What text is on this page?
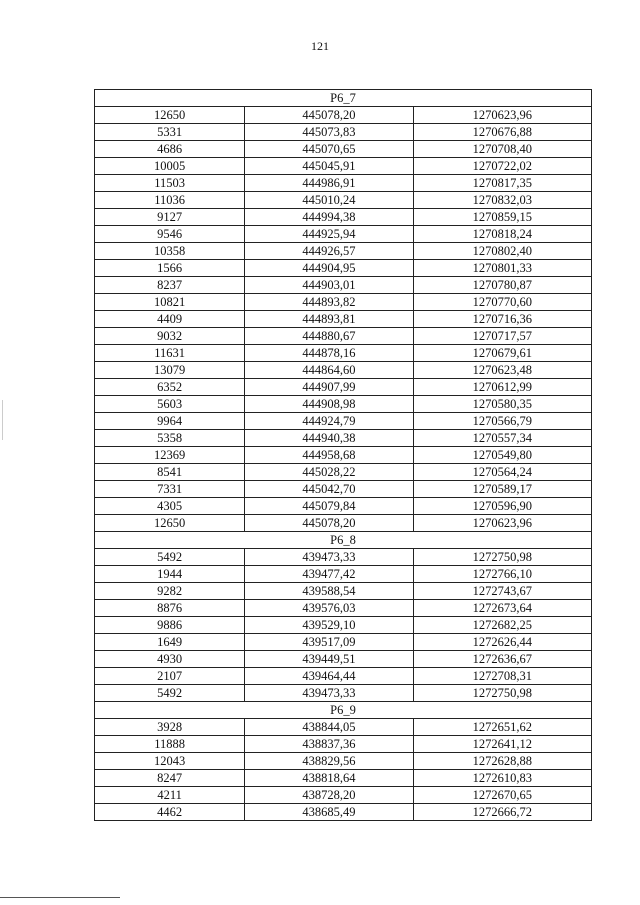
121
Р6_7		
12650	445078,20	1270623,96
5331	445073,83	1270676,88
4686	445070,65	1270708,40
10005	445045,91	1270722,02
11503	444986,91	1270817,35
11036	445010,24	1270832,03
9127	444994,38	1270859,15
9546	444925,94	1270818,24
10358	444926,57	1270802,40
1566	444904,95	1270801,33
8237	444903,01	1270780,87
10821	444893,82	1270770,60
4409	444893,81	1270716,36
9032	444880,67	1270717,57
11631	444878,16	1270679,61
13079	444864,60	1270623,48
6352	444907,99	1270612,99
5603	444908,98	1270580,35
9964	444924,79	1270566,79
5358	444940,38	1270557,34
12369	444958,68	1270549,80
8541	445028,22	1270564,24
7331	445042,70	1270589,17
4305	445079,84	1270596,90
12650	445078,20	1270623,96
Р6_8		
5492	439473,33	1272750,98
1944	439477,42	1272766,10
9282	439588,54	1272743,67
8876	439576,03	1272673,64
9886	439529,10	1272682,25
1649	439517,09	1272626,44
4930	439449,51	1272636,67
2107	439464,44	1272708,31
5492	439473,33	1272750,98
Р6_9		
3928	438844,05	1272651,62
11888	438837,36	1272641,12
12043	438829,56	1272628,88
8247	438818,64	1272610,83
4211	438728,20	1272670,65
4462	438685,49	1272666,72
